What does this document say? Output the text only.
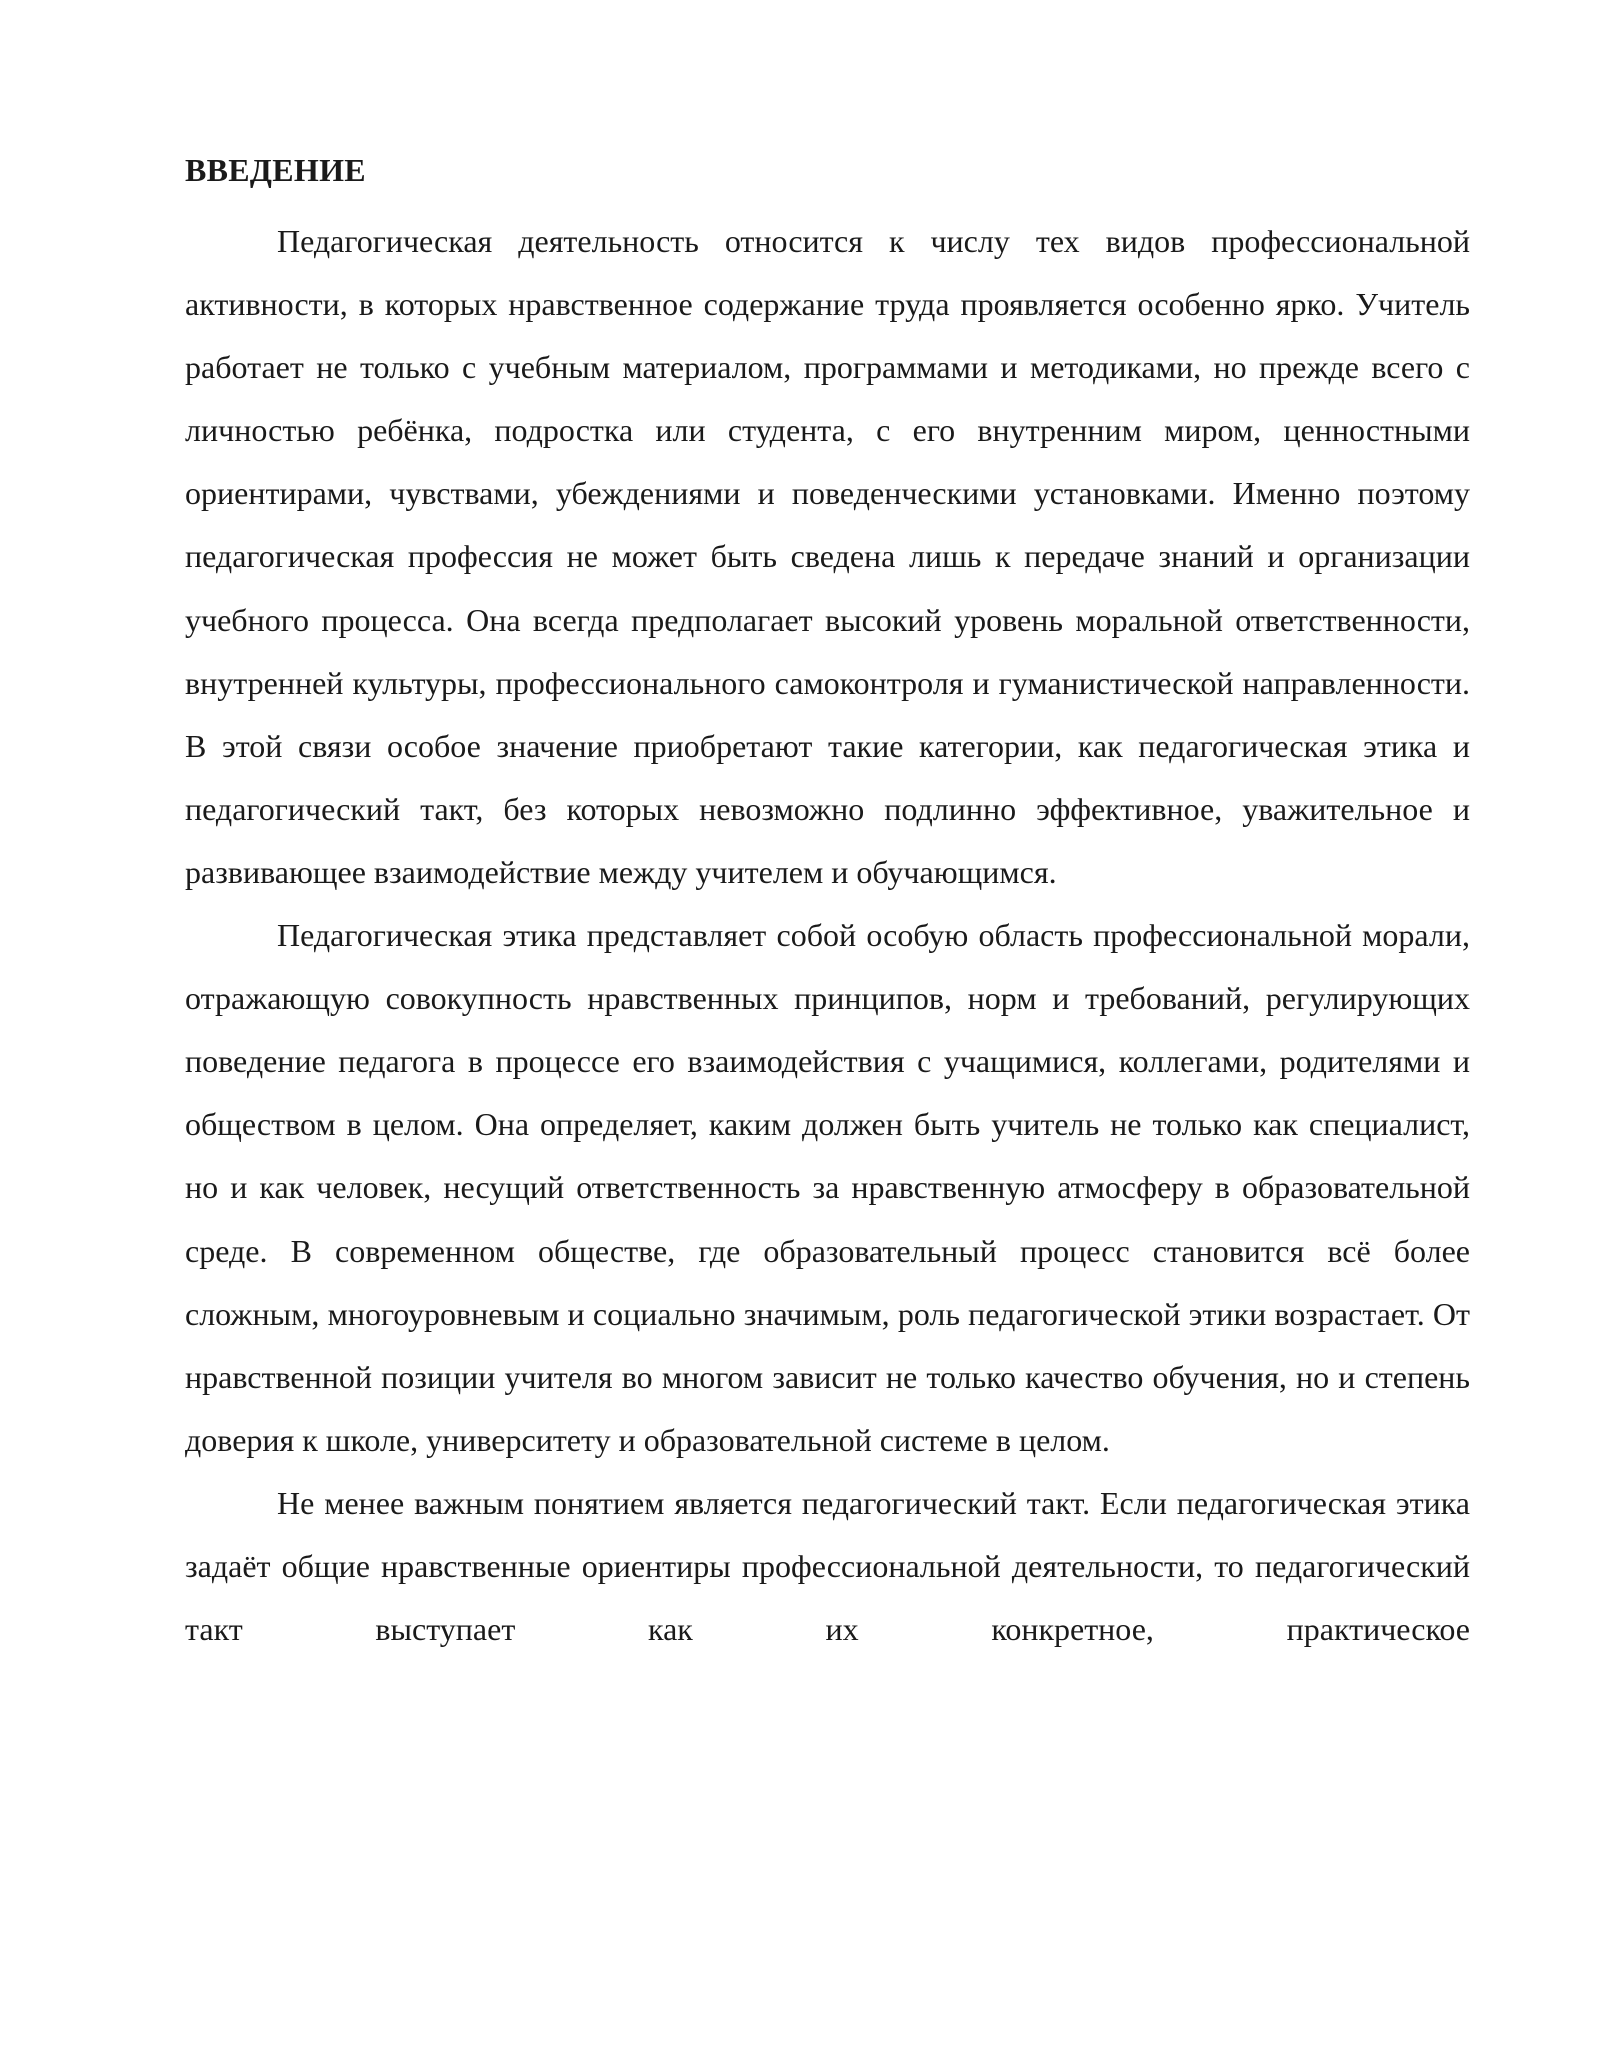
ВВЕДЕНИЕ

Педагогическая деятельность относится к числу тех видов профессиональной активности, в которых нравственное содержание труда проявляется особенно ярко. Учитель работает не только с учебным материалом, программами и методиками, но прежде всего с личностью ребёнка, подростка или студента, с его внутренним миром, ценностными ориентирами, чувствами, убеждениями и поведенческими установками. Именно поэтому педагогическая профессия не может быть сведена лишь к передаче знаний и организации учебного процесса. Она всегда предполагает высокий уровень моральной ответственности, внутренней культуры, профессионального самоконтроля и гуманистической направленности. В этой связи особое значение приобретают такие категории, как педагогическая этика и педагогический такт, без которых невозможно подлинно эффективное, уважительное и развивающее взаимодействие между учителем и обучающимся.

Педагогическая этика представляет собой особую область профессиональной морали, отражающую совокупность нравственных принципов, норм и требований, регулирующих поведение педагога в процессе его взаимодействия с учащимися, коллегами, родителями и обществом в целом. Она определяет, каким должен быть учитель не только как специалист, но и как человек, несущий ответственность за нравственную атмосферу в образовательной среде. В современном обществе, где образовательный процесс становится всё более сложным, многоуровневым и социально значимым, роль педагогической этики возрастает. От нравственной позиции учителя во многом зависит не только качество обучения, но и степень доверия к школе, университету и образовательной системе в целом.

Не менее важным понятием является педагогический такт. Если педагогическая этика задаёт общие нравственные ориентиры профессиональной деятельности, то педагогический такт выступает как их конкретное, практическое
